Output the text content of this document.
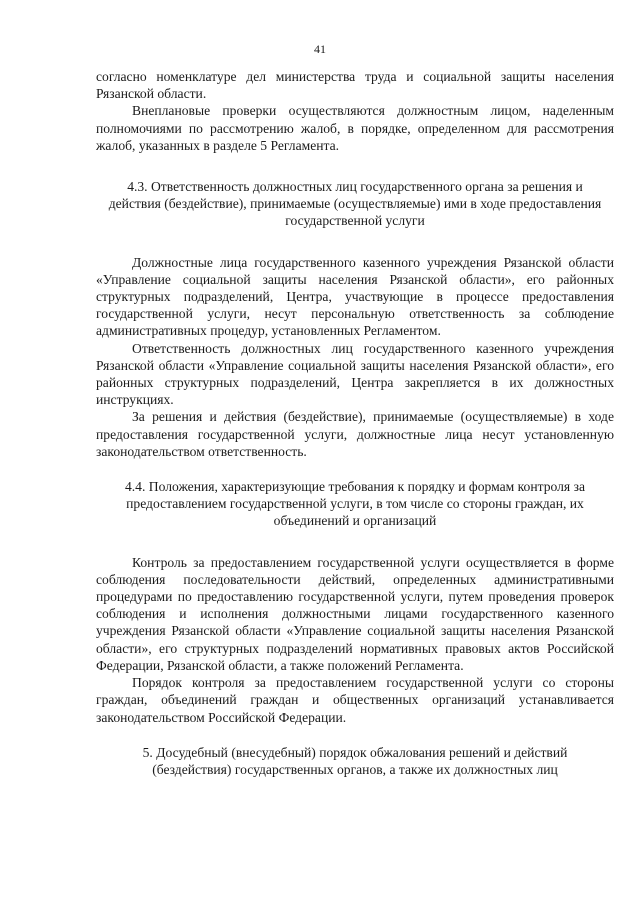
41

согласно номенклатуре дел министерства труда и социальной защиты населения Рязанской области.

Внеплановые проверки осуществляются должностным лицом, наделенным полномочиями по рассмотрению жалоб, в порядке, определенном для рассмотрения жалоб, указанных в разделе 5 Регламента.

4.3. Ответственность должностных лиц государственного органа за решения и действия (бездействие), принимаемые (осуществляемые) ими в ходе предоставления государственной услуги

Должностные лица государственного казенного учреждения Рязанской области «Управление социальной защиты населения Рязанской области», его районных структурных подразделений, Центра, участвующие в процессе предоставления государственной услуги, несут персональную ответственность за соблюдение административных процедур, установленных Регламентом.

Ответственность должностных лиц государственного казенного учреждения Рязанской области «Управление социальной защиты населения Рязанской области», его районных структурных подразделений, Центра закрепляется в их должностных инструкциях.

За решения и действия (бездействие), принимаемые (осуществляемые) в ходе предоставления государственной услуги, должностные лица несут установленную законодательством ответственность.

4.4. Положения, характеризующие требования к порядку и формам контроля за предоставлением государственной услуги, в том числе со стороны граждан, их объединений и организаций

Контроль за предоставлением государственной услуги осуществляется в форме соблюдения последовательности действий, определенных административными процедурами по предоставлению государственной услуги, путем проведения проверок соблюдения и исполнения должностными лицами государственного казенного учреждения Рязанской области «Управление социальной защиты населения Рязанской области», его структурных подразделений нормативных правовых актов Российской Федерации, Рязанской области, а также положений Регламента.

Порядок контроля за предоставлением государственной услуги со стороны граждан, объединений граждан и общественных организаций устанавливается законодательством Российской Федерации.

5. Досудебный (внесудебный) порядок обжалования решений и действий (бездействия) государственных органов, а также их должностных лиц
